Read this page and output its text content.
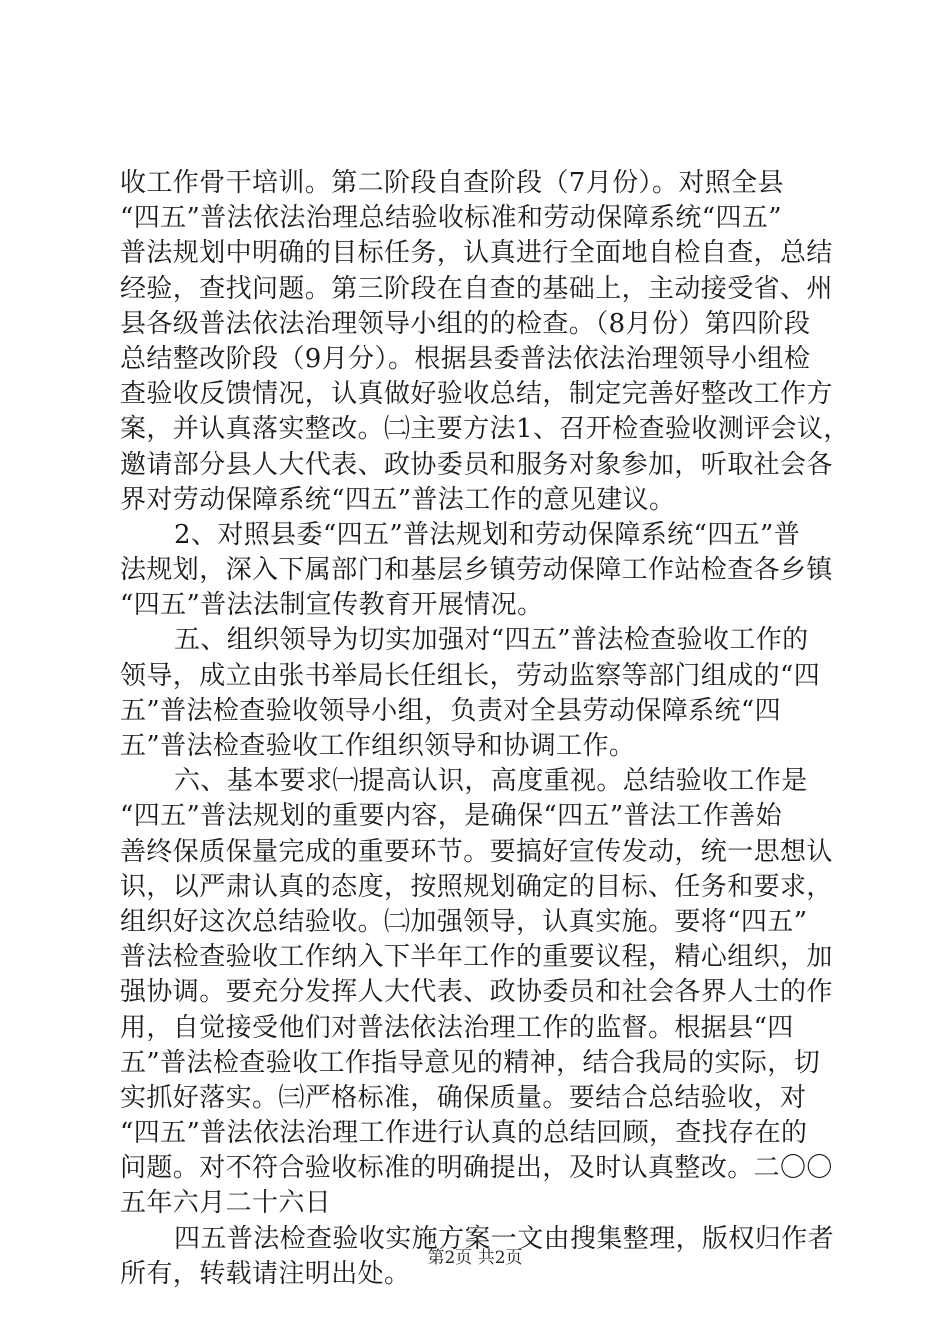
收工作骨干培训。第二阶段自查阶段（7月份）。对照全县
“四五”普法依法治理总结验收标准和劳动保障系统“四五”
普法规划中明确的目标任务，认真进行全面地自检自查，总结
经验，查找问题。第三阶段在自查的基础上，主动接受省、州
县各级普法依法治理领导小组的的检查。（8月份）第四阶段
总结整改阶段（9月分）。根据县委普法依法治理领导小组检
查验收反馈情况，认真做好验收总结，制定完善好整改工作方
案，并认真落实整改。㈡主要方法1、召开检查验收测评会议，
邀请部分县人大代表、政协委员和服务对象参加，听取社会各
界对劳动保障系统“四五”普法工作的意见建议。
2、对照县委“四五”普法规划和劳动保障系统“四五”普
法规划，深入下属部门和基层乡镇劳动保障工作站检查各乡镇
“四五”普法法制宣传教育开展情况。
五、组织领导为切实加强对“四五”普法检查验收工作的
领导，成立由张书举局长任组长，劳动监察等部门组成的“四
五”普法检查验收领导小组，负责对全县劳动保障系统“四
五”普法检查验收工作组织领导和协调工作。
六、基本要求㈠提高认识，高度重视。总结验收工作是
“四五”普法规划的重要内容，是确保“四五”普法工作善始
善终保质保量完成的重要环节。要搞好宣传发动，统一思想认
识，以严肃认真的态度，按照规划确定的目标、任务和要求，
组织好这次总结验收。㈡加强领导，认真实施。要将“四五”
普法检查验收工作纳入下半年工作的重要议程，精心组织，加
强协调。要充分发挥人大代表、政协委员和社会各界人士的作
用，自觉接受他们对普法依法治理工作的监督。根据县“四
五”普法检查验收工作指导意见的精神，结合我局的实际，切
实抓好落实。㈢严格标准，确保质量。要结合总结验收，对
“四五”普法依法治理工作进行认真的总结回顾，查找存在的
问题。对不符合验收标准的明确提出，及时认真整改。二〇〇
五年六月二十六日
四五普法检查验收实施方案一文由搜集整理，版权归作者
所有，转载请注明出处。
第2页 共2页
